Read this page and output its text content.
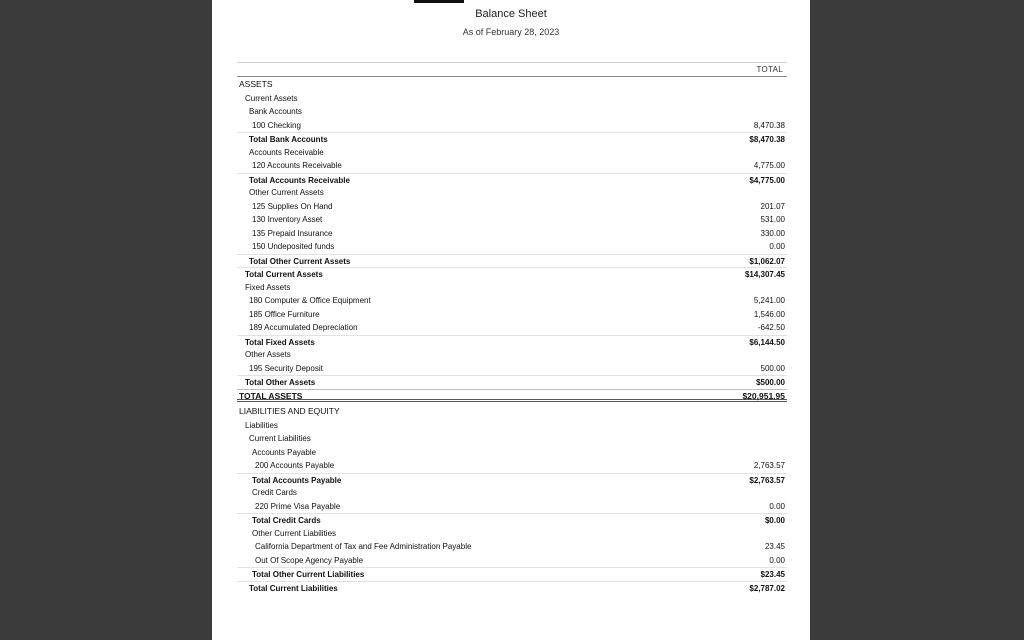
Balance Sheet
As of February 28, 2023
TOTAL
ASSETS
Current Assets
Bank Accounts
100 Checking	8,470.38
Total Bank Accounts	$8,470.38
Accounts Receivable
120 Accounts Receivable	4,775.00
Total Accounts Receivable	$4,775.00
Other Current Assets
125 Supplies On Hand	201.07
130 Inventory Asset	531.00
135 Prepaid Insurance	330.00
150 Undeposited funds	0.00
Total Other Current Assets	$1,062.07
Total Current Assets	$14,307.45
Fixed Assets
180 Computer & Office Equipment	5,241.00
185 Office Furniture	1,546.00
189 Accumulated Depreciation	-642.50
Total Fixed Assets	$6,144.50
Other Assets
195 Security Deposit	500.00
Total Other Assets	$500.00
TOTAL ASSETS	$20,951.95
LIABILITIES AND EQUITY
Liabilities
Current Liabilities
Accounts Payable
200 Accounts Payable	2,763.57
Total Accounts Payable	$2,763.57
Credit Cards
220 Prime Visa Payable	0.00
Total Credit Cards	$0.00
Other Current Liabilities
California Department of Tax and Fee Administration Payable	23.45
Out Of Scope Agency Payable	0.00
Total Other Current Liabilities	$23.45
Total Current Liabilities	$2,787.02
